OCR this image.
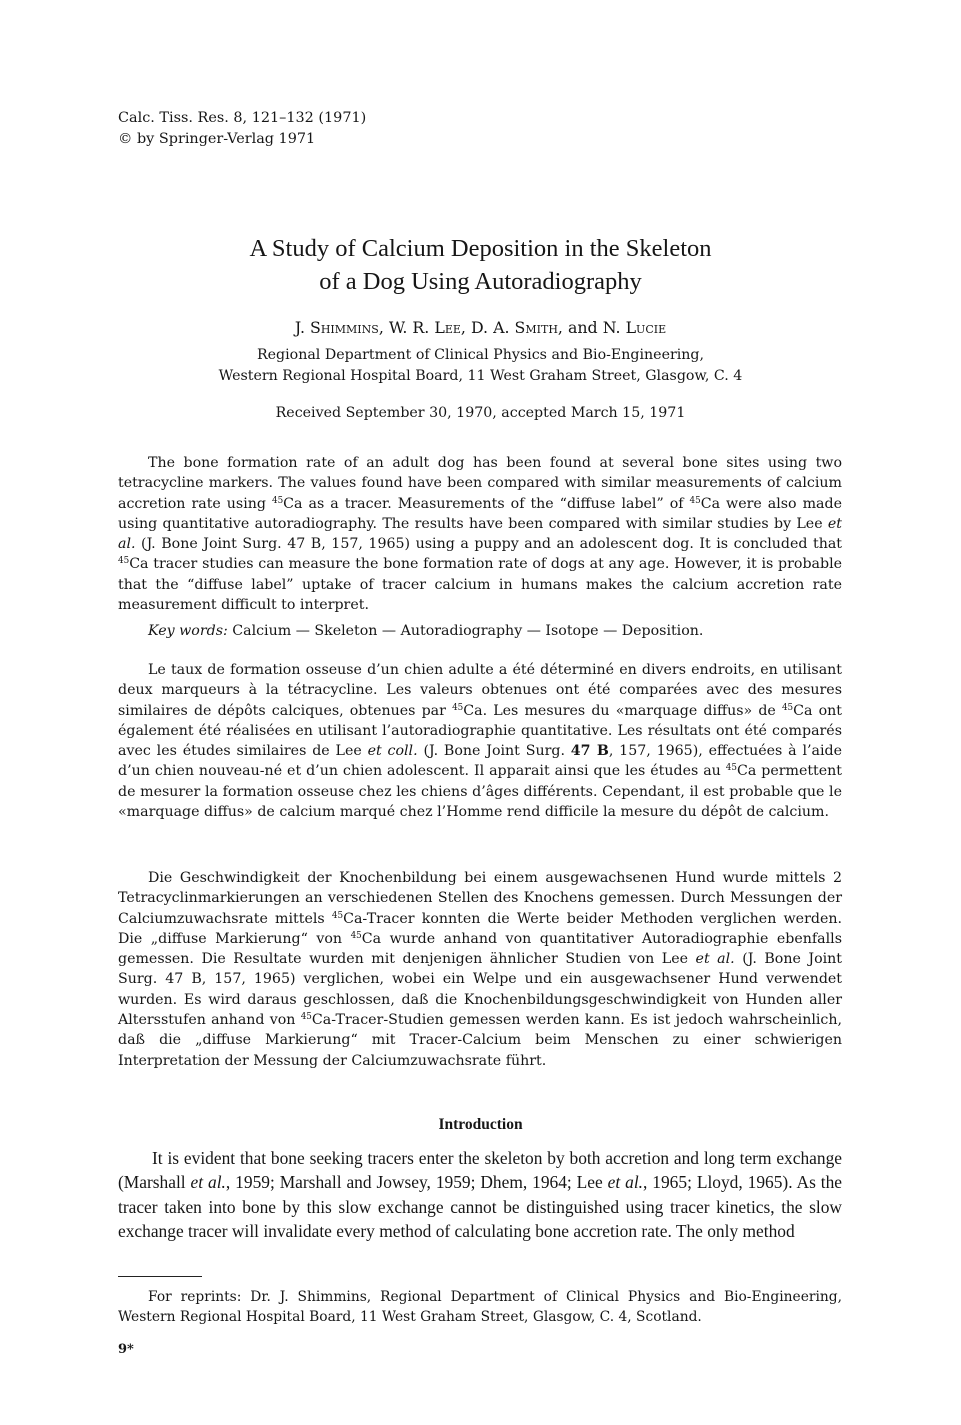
Calc. Tiss. Res. 8, 121–132 (1971)
© by Springer-Verlag 1971
A Study of Calcium Deposition in the Skeleton
of a Dog Using Autoradiography
J. Shimmins, W. R. Lee, D. A. Smith, and N. Lucie
Regional Department of Clinical Physics and Bio-Engineering,
Western Regional Hospital Board, 11 West Graham Street, Glasgow, C. 4
Received September 30, 1970, accepted March 15, 1971
The bone formation rate of an adult dog has been found at several bone sites using two tetracycline markers. The values found have been compared with similar measurements of calcium accretion rate using $^{45}$Ca as a tracer. Measurements of the “diffuse label” of $^{45}$Ca were also made using quantitative autoradiography. The results have been compared with similar studies by Lee et al. (J. Bone Joint Surg. 47 B, 157, 1965) using a puppy and an adolescent dog. It is concluded that $^{45}$Ca tracer studies can measure the bone formation rate of dogs at any age. However, it is probable that the “diffuse label” uptake of tracer calcium in humans makes the calcium accretion rate measurement difficult to interpret.
Key words: Calcium — Skeleton — Autoradiography — Isotope — Deposition.
Le taux de formation osseuse d’un chien adulte a été déterminé en divers endroits, en utilisant deux marqueurs à la tétracycline. Les valeurs obtenues ont été comparées avec des mesures similaires de dépôts calciques, obtenues par $^{45}$Ca. Les mesures du «marquage diffus» de $^{45}$Ca ont également été réalisées en utilisant l’autoradiographie quantitative. Les résultats ont été comparés avec les études similaires de Lee et coll. (J. Bone Joint Surg. 47 B, 157, 1965), effectuées à l’aide d’un chien nouveau-né et d’un chien adolescent. Il apparait ainsi que les études au $^{45}$Ca permettent de mesurer la formation osseuse chez les chiens d’âges différents. Cependant, il est probable que le «marquage diffus» de calcium marqué chez l’Homme rend difficile la mesure du dépôt de calcium.
Die Geschwindigkeit der Knochenbildung bei einem ausgewachsenen Hund wurde mittels 2 Tetracyclinmarkierungen an verschiedenen Stellen des Knochens gemessen. Durch Messungen der Calciumzuwachsrate mittels $^{45}$Ca-Tracer konnten die Werte beider Methoden verglichen werden. Die „diffuse Markierung“ von $^{45}$Ca wurde anhand von quantitativer Autoradiographie ebenfalls gemessen. Die Resultate wurden mit denjenigen ähnlicher Studien von Lee et al. (J. Bone Joint Surg. 47 B, 157, 1965) verglichen, wobei ein Welpe und ein ausgewachsener Hund verwendet wurden. Es wird daraus geschlossen, daß die Knochenbildungsgeschwindigkeit von Hunden aller Altersstufen anhand von $^{45}$Ca-Tracer-Studien gemessen werden kann. Es ist jedoch wahrscheinlich, daß die „diffuse Markierung“ mit Tracer-Calcium beim Menschen zu einer schwierigen Interpretation der Messung der Calciumzuwachsrate führt.
Introduction
It is evident that bone seeking tracers enter the skeleton by both accretion and long term exchange (Marshall et al., 1959; Marshall and Jowsey, 1959; Dhem, 1964; Lee et al., 1965; Lloyd, 1965). As the tracer taken into bone by this slow exchange cannot be distinguished using tracer kinetics, the slow exchange tracer will invalidate every method of calculating bone accretion rate. The only method
For reprints: Dr. J. Shimmins, Regional Department of Clinical Physics and Bio-Engineering, Western Regional Hospital Board, 11 West Graham Street, Glasgow, C. 4, Scotland.
9*
